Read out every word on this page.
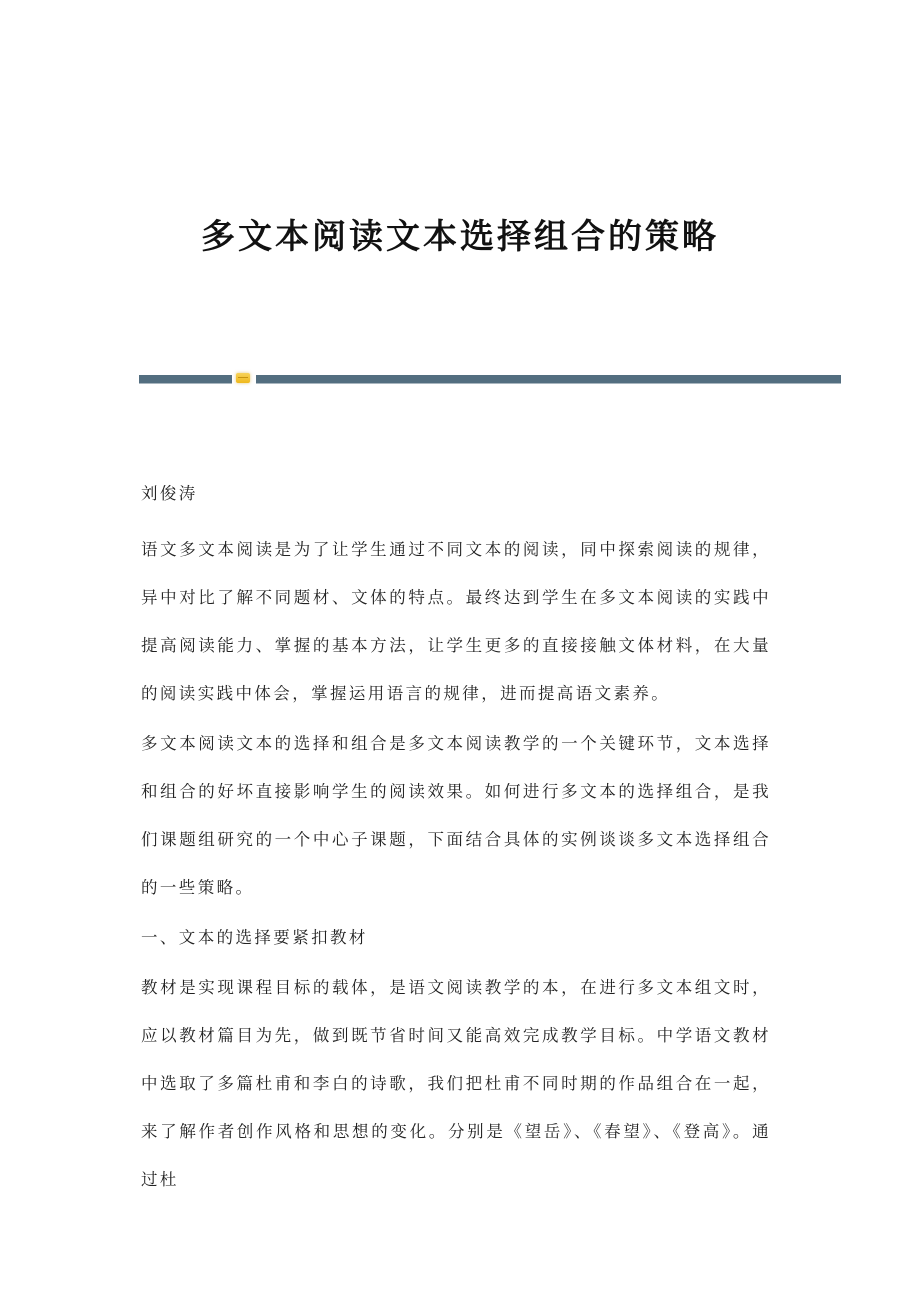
多文本阅读文本选择组合的策略

刘俊涛

语文多文本阅读是为了让学生通过不同文本的阅读，同中探索阅读的规律，异中对比了解不同题材、文体的特点。最终达到学生在多文本阅读的实践中提高阅读能力、掌握的基本方法，让学生更多的直接接触文体材料，在大量的阅读实践中体会，掌握运用语言的规律，进而提高语文素养。

多文本阅读文本的选择和组合是多文本阅读教学的一个关键环节，文本选择和组合的好坏直接影响学生的阅读效果。如何进行多文本的选择组合，是我们课题组研究的一个中心子课题，下面结合具体的实例谈谈多文本选择组合的一些策略。

一、文本的选择要紧扣教材

教材是实现课程目标的载体，是语文阅读教学的本，在进行多文本组文时，应以教材篇目为先，做到既节省时间又能高效完成教学目标。中学语文教材中选取了多篇杜甫和李白的诗歌，我们把杜甫不同时期的作品组合在一起，来了解作者创作风格和思想的变化。分别是《望岳》、《春望》、《登高》。通过杜
